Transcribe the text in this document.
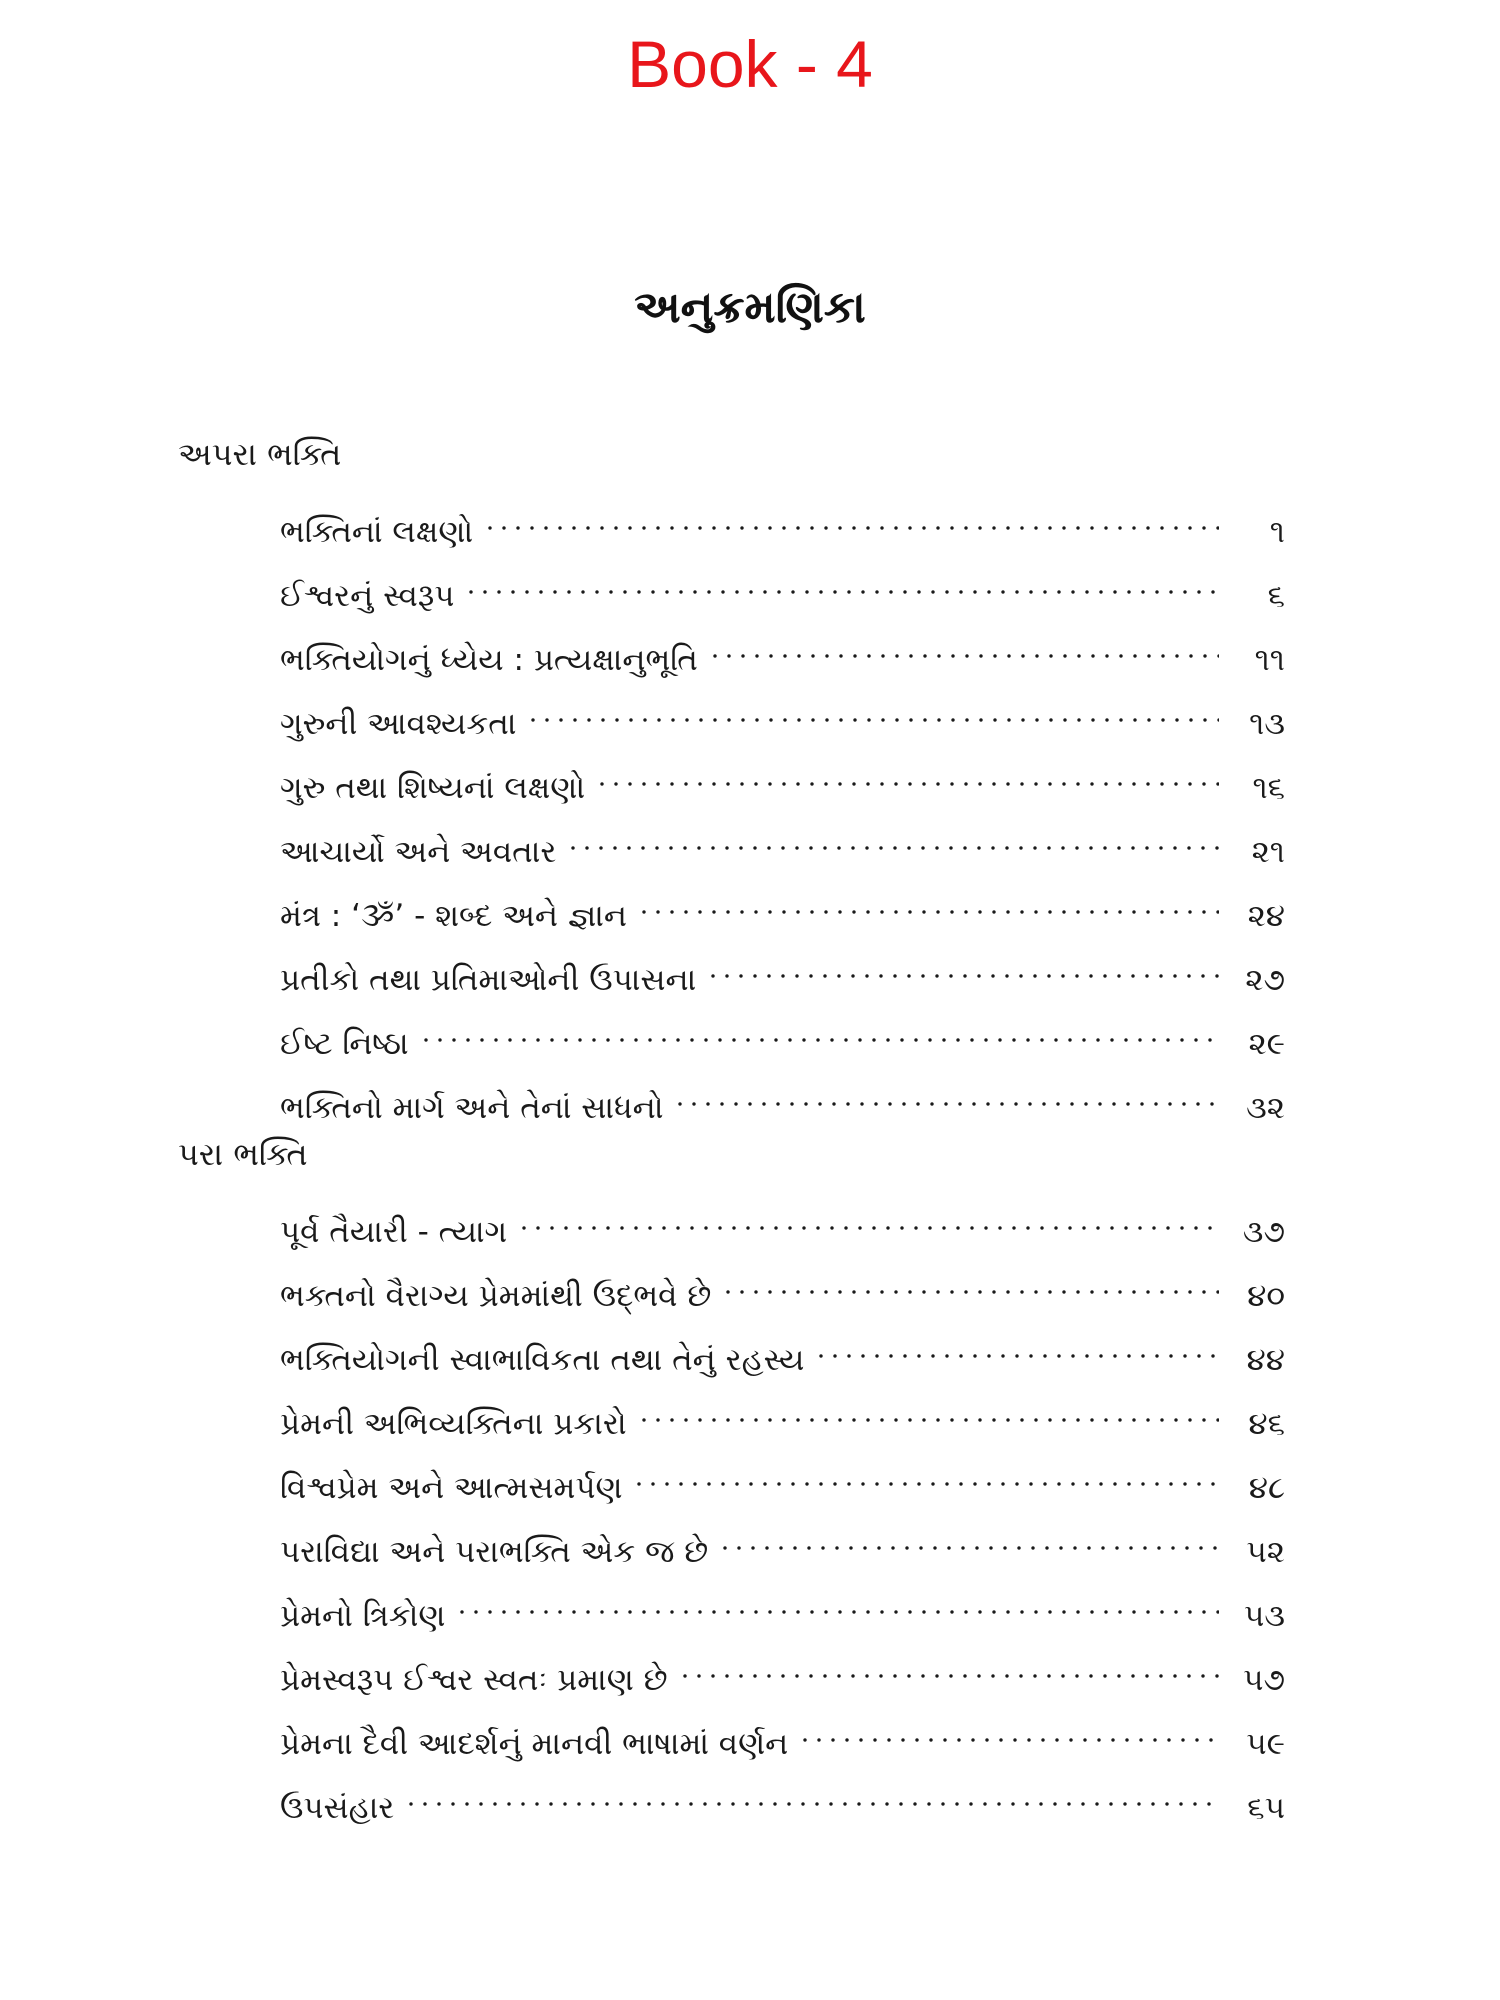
Book - 4
અનુક્રમણિકા
અપરા ભક્તિ
ભક્તિનાં લક્ષણો	૧
ઈશ્વરનું સ્વરૂપ	૬
ભક્તિયોગનું ધ્યેય : પ્રત્યક્ષાનુભૂતિ	૧૧
ગુરુની આવશ્યકતા	૧૩
ગુરુ તથા શિષ્યનાં લક્ષણો	૧૬
આચાર્યો અને અવતાર	૨૧
મંત્ર : ‘ૐ’ - શબ્દ અને જ્ઞાન	૨૪
પ્રતીકો તથા પ્રતિમાઓની ઉપાસના	૨૭
ઈષ્ટ નિષ્ઠા	૨૯
ભક્તિનો માર્ગ અને તેનાં સાધનો	૩૨
પરા ભક્તિ
પૂર્વ તૈયારી - ત્યાગ	૩૭
ભક્તનો વૈરાગ્ય પ્રેમમાંથી ઉદ્ભવે છે	૪૦
ભક્તિયોગની સ્વાભાવિકતા તથા તેનું રહસ્ય	૪૪
પ્રેમની અભિવ્યક્તિના પ્રકારો	૪૬
વિશ્વપ્રેમ અને આત્મસમર્પણ	૪૮
પરાવિદ્યા અને પરાભક્તિ એક જ છે	૫૨
પ્રેમનો ત્રિકોણ	૫૩
પ્રેમસ્વરૂપ ઈશ્વર સ્વતઃ પ્રમાણ છે	૫૭
પ્રેમના દૈવી આદર્શનું માનવી ભાષામાં વર્ણન	૫૯
ઉપસંહાર	૬૫
